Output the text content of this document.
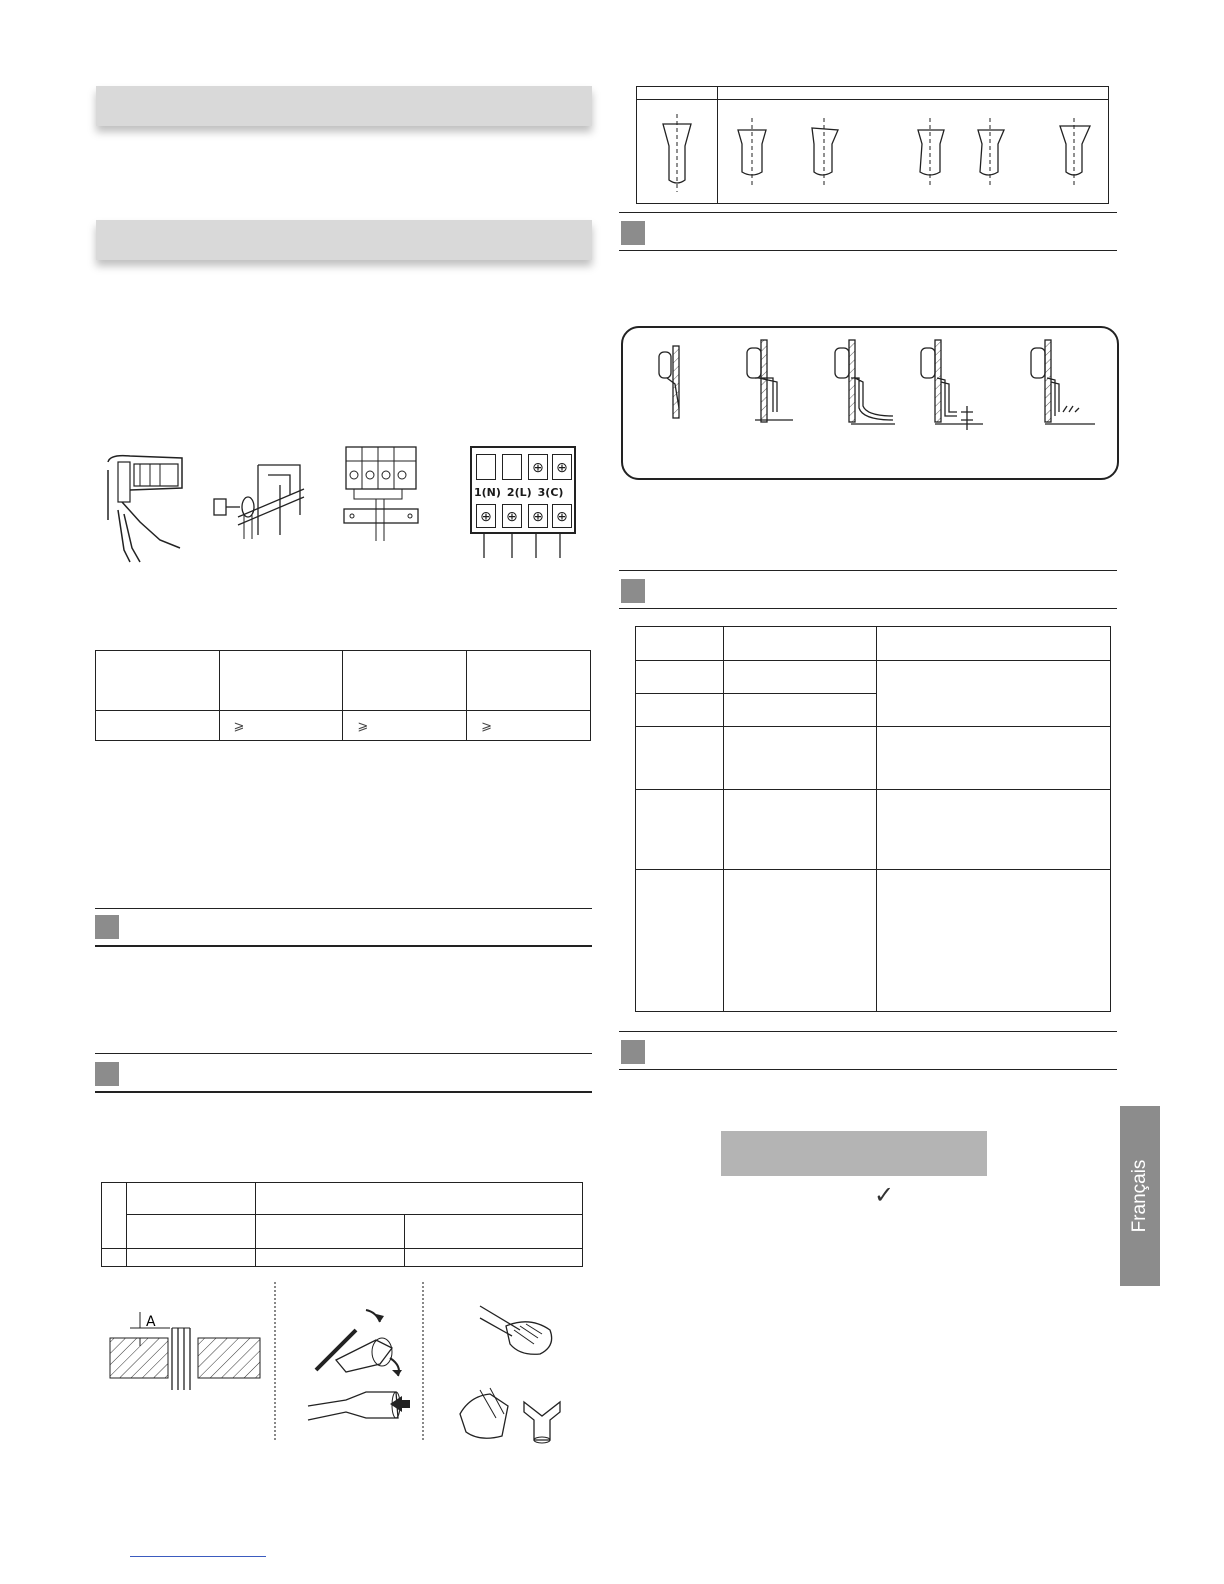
⊕ ⊕
1(N) 2(L) 3(C)
⊕ ⊕ ⊕ ⊕

	⩾	⩾	⩾

A

✓	Français
